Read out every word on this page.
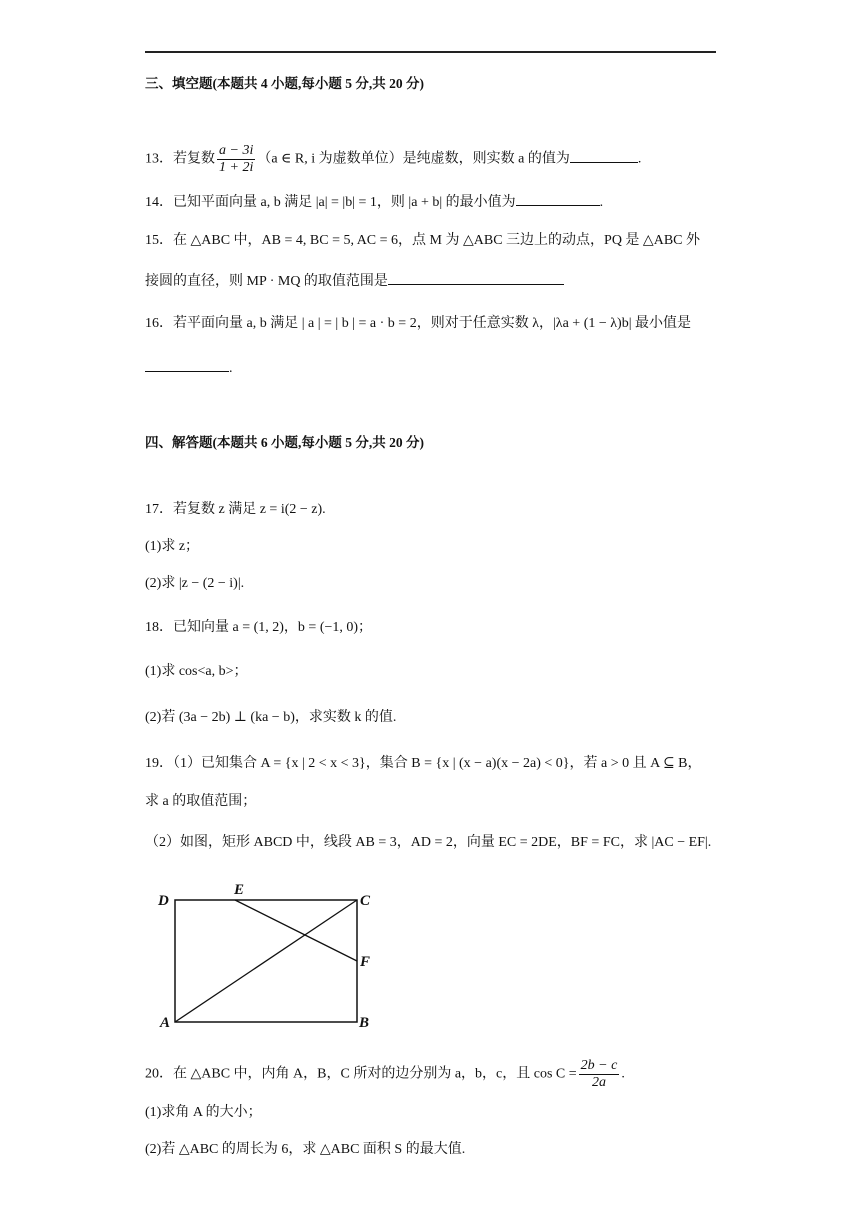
三、填空题(本题共 4 小题,每小题 5 分,共 20 分)
13．若复数 $\frac{a - 3i}{1 + 2i} (a$ ∈ R, i 为虚数单位）是纯虚数，则实数 a 的值为	.
14．已知平面向量 a, b 满足 |a| = |b| = 1，则 |a + b| 的最小值为	.
15．在 △ABC 中，AB = 4, BC = 5, AC = 6，点 M 为 △ABC 三边上的动点，PQ 是 △ABC 外
接圆的直径，则 MP · MQ 的取值范围是
16．若平面向量 a, b 满足 | a | = | b | = a · b = 2，则对于任意实数 λ，|λa + (1 − λ)b| 最小值是
.
四、解答题(本题共 6 小题,每小题 5 分,共 20 分)
17．若复数 z 满足 z = i(2 − z).
(1)求 z；
(2)求 |z − (2 − i)|.
18．已知向量 a = (1, 2)，b = (−1, 0)；
(1)求 cos<a, b>；
(2)若 (3a − 2b) ⊥ (ka − b)，求实数 k 的值.
19．（1）已知集合 A = {x | 2 < x < 3}，集合 B = {x | (x − a)(x − 2a) < 0}，若 a > 0 且 A ⊆ B，
求 a 的取值范围；
（2）如图，矩形 ABCD 中，线段 AB = 3，AD = 2，向量 EC = 2DE，BF = FC，求 |AC − EF|.
D
E
C
F
A	B
20．在 △ABC 中，内角 A，B，C 所对的边分别为 a，b，c，且 $\cos C = \frac{2b - c}{2a}$ .
(1)求角 A 的大小；
(2)若 △ABC 的周长为 6，求 △ABC 面积 S 的最大值.
